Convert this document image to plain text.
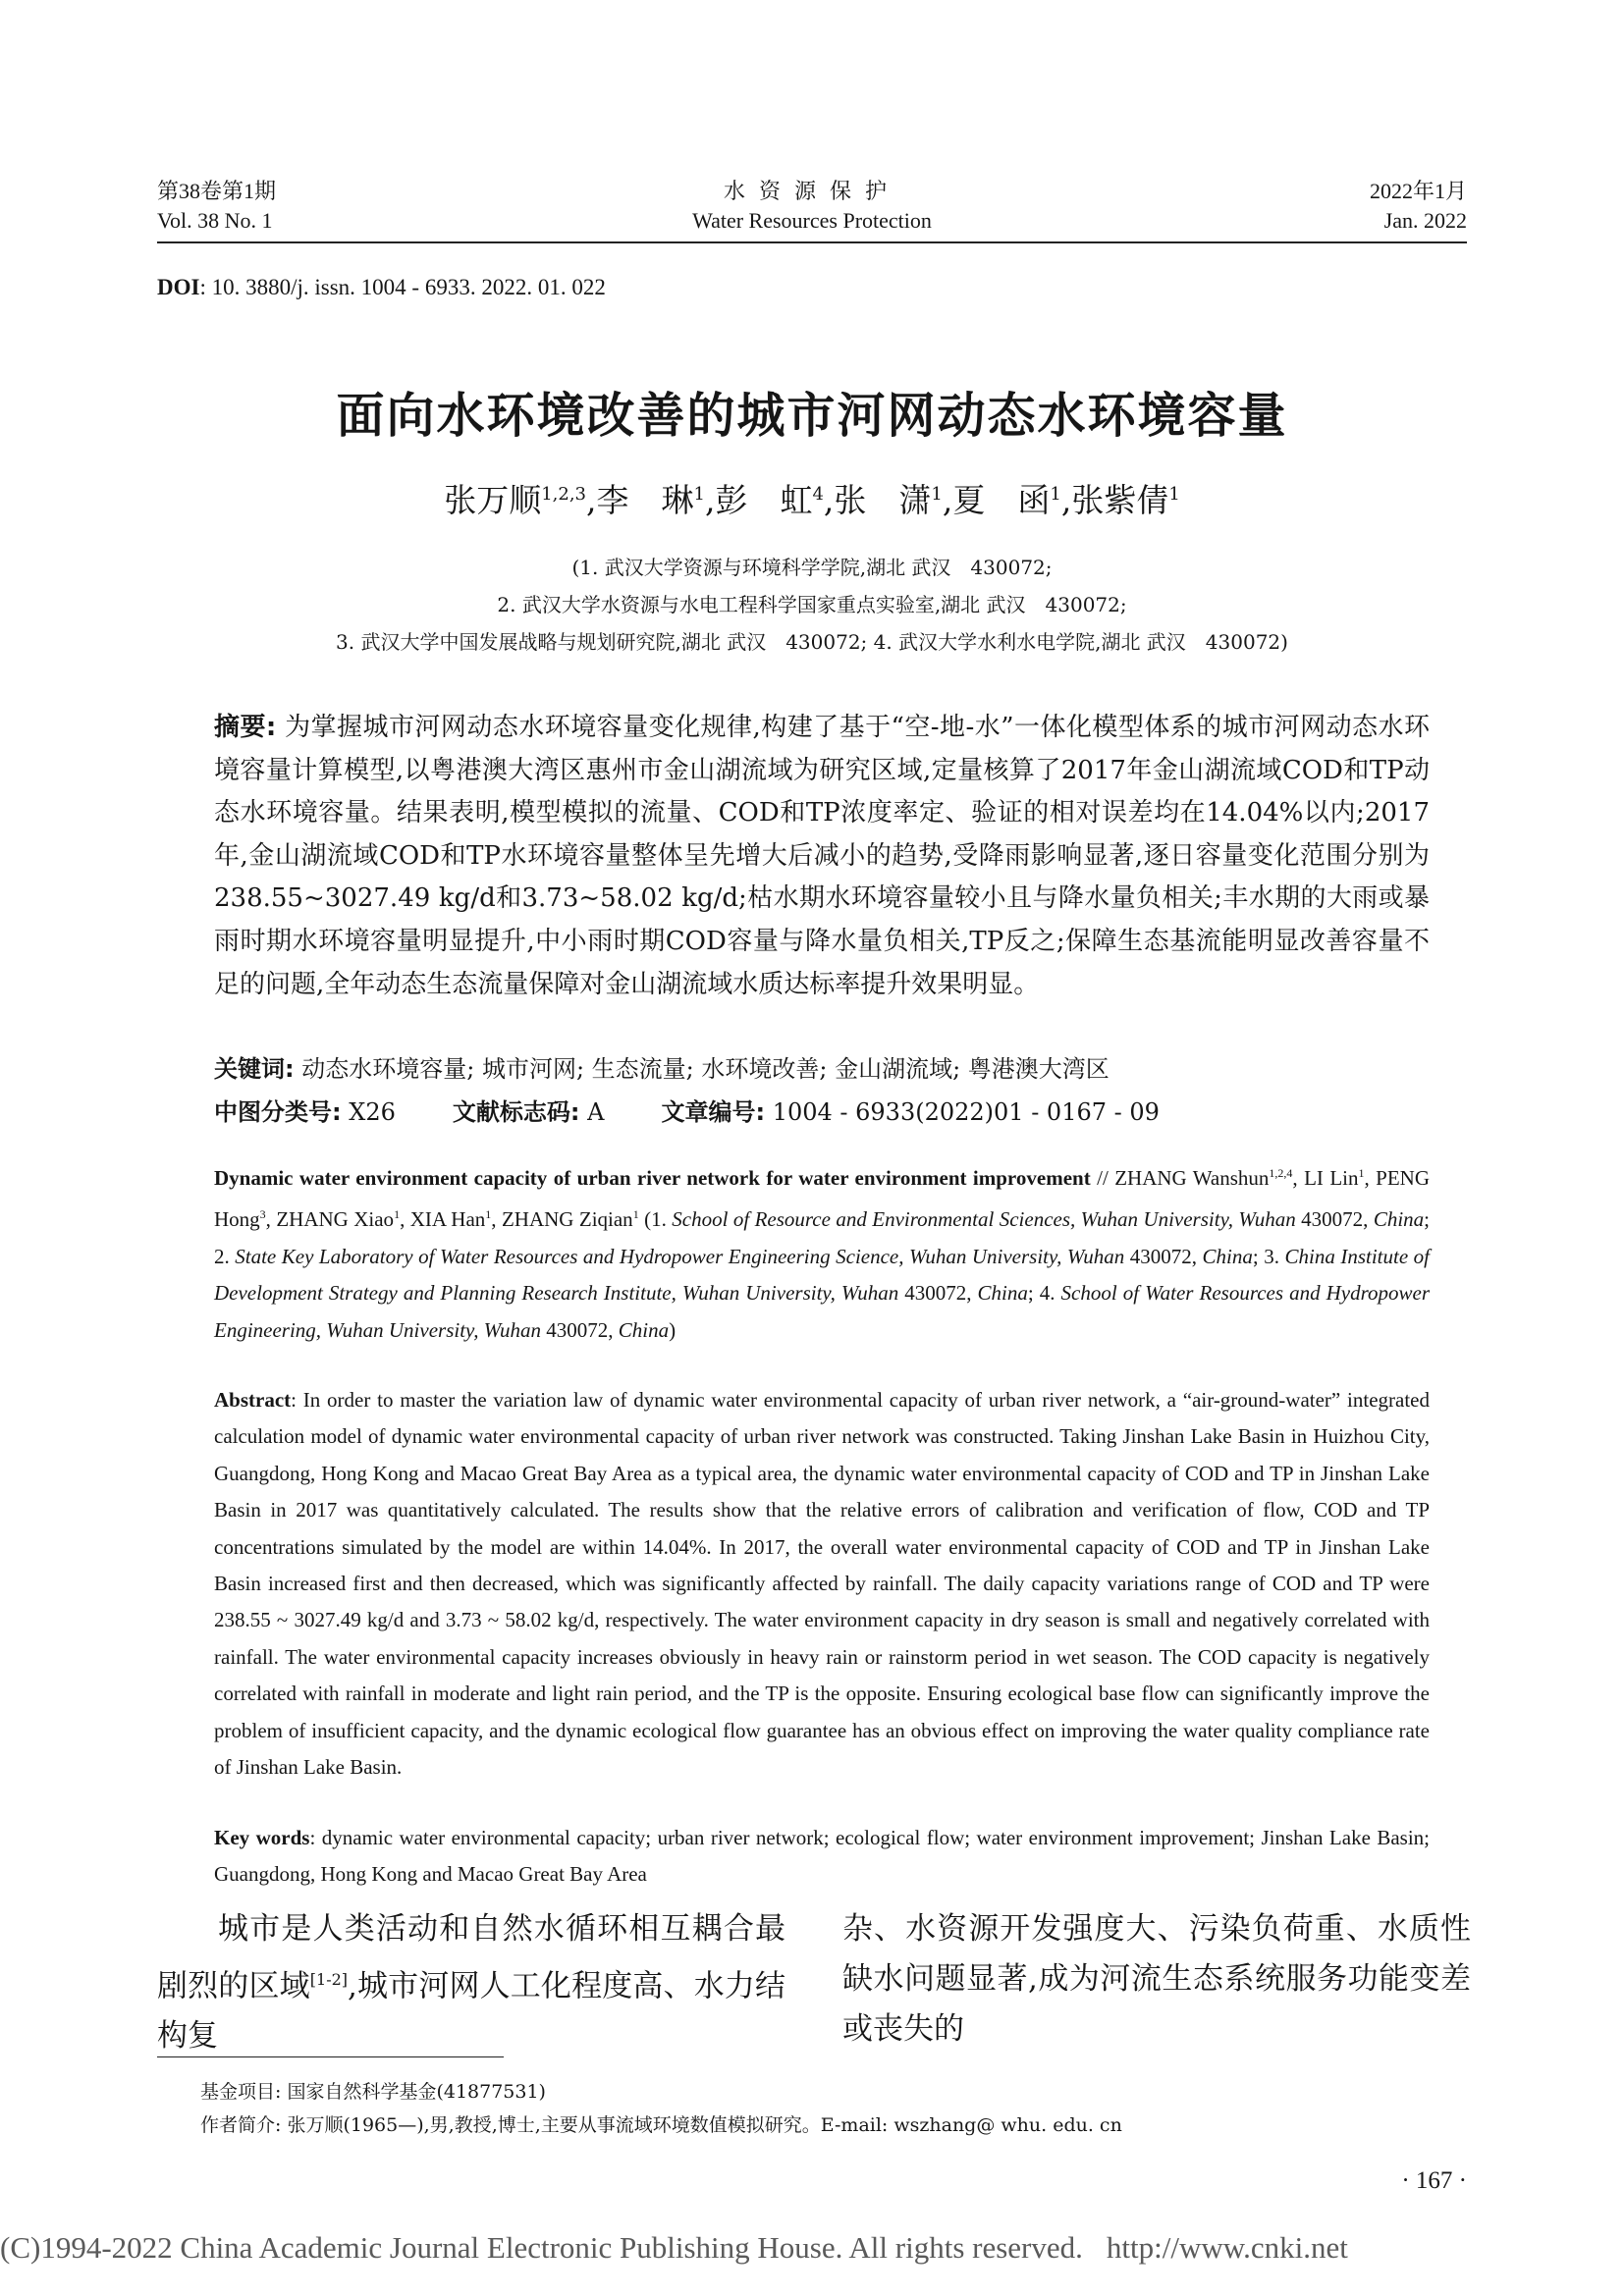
第38卷第1期
Vol. 38 No. 1
水资源保护
Water Resources Protection
2022年1月
Jan. 2022
DOI: 10. 3880/j. issn. 1004 - 6933. 2022. 01. 022
面向水环境改善的城市河网动态水环境容量
张万顺$^{1,2,3}$,李　琳$^1$,彭　虹$^4$,张　潇$^1$,夏　函$^1$,张紫倩$^1$
(1. 武汉大学资源与环境科学学院,湖北 武汉　430072;
2. 武汉大学水资源与水电工程科学国家重点实验室,湖北 武汉　430072;
3. 武汉大学中国发展战略与规划研究院,湖北 武汉　430072; 4. 武汉大学水利水电学院,湖北 武汉　430072)
摘要: 为掌握城市河网动态水环境容量变化规律,构建了基于“空-地-水”一体化模型体系的城市河网动态水环境容量计算模型,以粤港澳大湾区惠州市金山湖流域为研究区域,定量核算了2017年金山湖流域COD和TP动态水环境容量。结果表明,模型模拟的流量、COD和TP浓度率定、验证的相对误差均在14.04%以内;2017年,金山湖流域COD和TP水环境容量整体呈先增大后减小的趋势,受降雨影响显著,逐日容量变化范围分别为238.55~3027.49 kg/d和3.73~58.02 kg/d;枯水期水环境容量较小且与降水量负相关;丰水期的大雨或暴雨时期水环境容量明显提升,中小雨时期COD容量与降水量负相关,TP反之;保障生态基流能明显改善容量不足的问题,全年动态生态流量保障对金山湖流域水质达标率提升效果明显。
关键词: 动态水环境容量; 城市河网; 生态流量; 水环境改善; 金山湖流域; 粤港澳大湾区
中图分类号: X26 文献标志码: A 文章编号: 1004 - 6933(2022)01 - 0167 - 09
Dynamic water environment capacity of urban river network for water environment improvement // ZHANG Wanshun$^{1,2,4}$, LI Lin$^1$, PENG Hong$^3$, ZHANG Xiao$^1$, XIA Han$^1$, ZHANG Ziqian$^1$ (1. School of Resource and Environmental Sciences, Wuhan University, Wuhan 430072, China; 2. State Key Laboratory of Water Resources and Hydropower Engineering Science, Wuhan University, Wuhan 430072, China; 3. China Institute of Development Strategy and Planning Research Institute, Wuhan University, Wuhan 430072, China; 4. School of Water Resources and Hydropower Engineering, Wuhan University, Wuhan 430072, China)
Abstract: In order to master the variation law of dynamic water environmental capacity of urban river network, a “air-ground-water” integrated calculation model of dynamic water environmental capacity of urban river network was constructed. Taking Jinshan Lake Basin in Huizhou City, Guangdong, Hong Kong and Macao Great Bay Area as a typical area, the dynamic water environmental capacity of COD and TP in Jinshan Lake Basin in 2017 was quantitatively calculated. The results show that the relative errors of calibration and verification of flow, COD and TP concentrations simulated by the model are within 14.04%. In 2017, the overall water environmental capacity of COD and TP in Jinshan Lake Basin increased first and then decreased, which was significantly affected by rainfall. The daily capacity variations range of COD and TP were 238.55 ~ 3027.49 kg/d and 3.73 ~ 58.02 kg/d, respectively. The water environment capacity in dry season is small and negatively correlated with rainfall. The water environmental capacity increases obviously in heavy rain or rainstorm period in wet season. The COD capacity is negatively correlated with rainfall in moderate and light rain period, and the TP is the opposite. Ensuring ecological base flow can significantly improve the problem of insufficient capacity, and the dynamic ecological flow guarantee has an obvious effect on improving the water quality compliance rate of Jinshan Lake Basin.
Key words: dynamic water environmental capacity; urban river network; ecological flow; water environment improvement; Jinshan Lake Basin; Guangdong, Hong Kong and Macao Great Bay Area
城市是人类活动和自然水循环相互耦合最剧烈的区域[1-2],城市河网人工化程度高、水力结构复
杂、水资源开发强度大、污染负荷重、水质性缺水问题显著,成为河流生态系统服务功能变差或丧失的
基金项目: 国家自然科学基金(41877531)
作者简介: 张万顺(1965—),男,教授,博士,主要从事流域环境数值模拟研究。E-mail: wszhang@ whu. edu. cn
· 167 ·
(C)1994-2022 China Academic Journal Electronic Publishing House. All rights reserved. http://www.cnki.net
